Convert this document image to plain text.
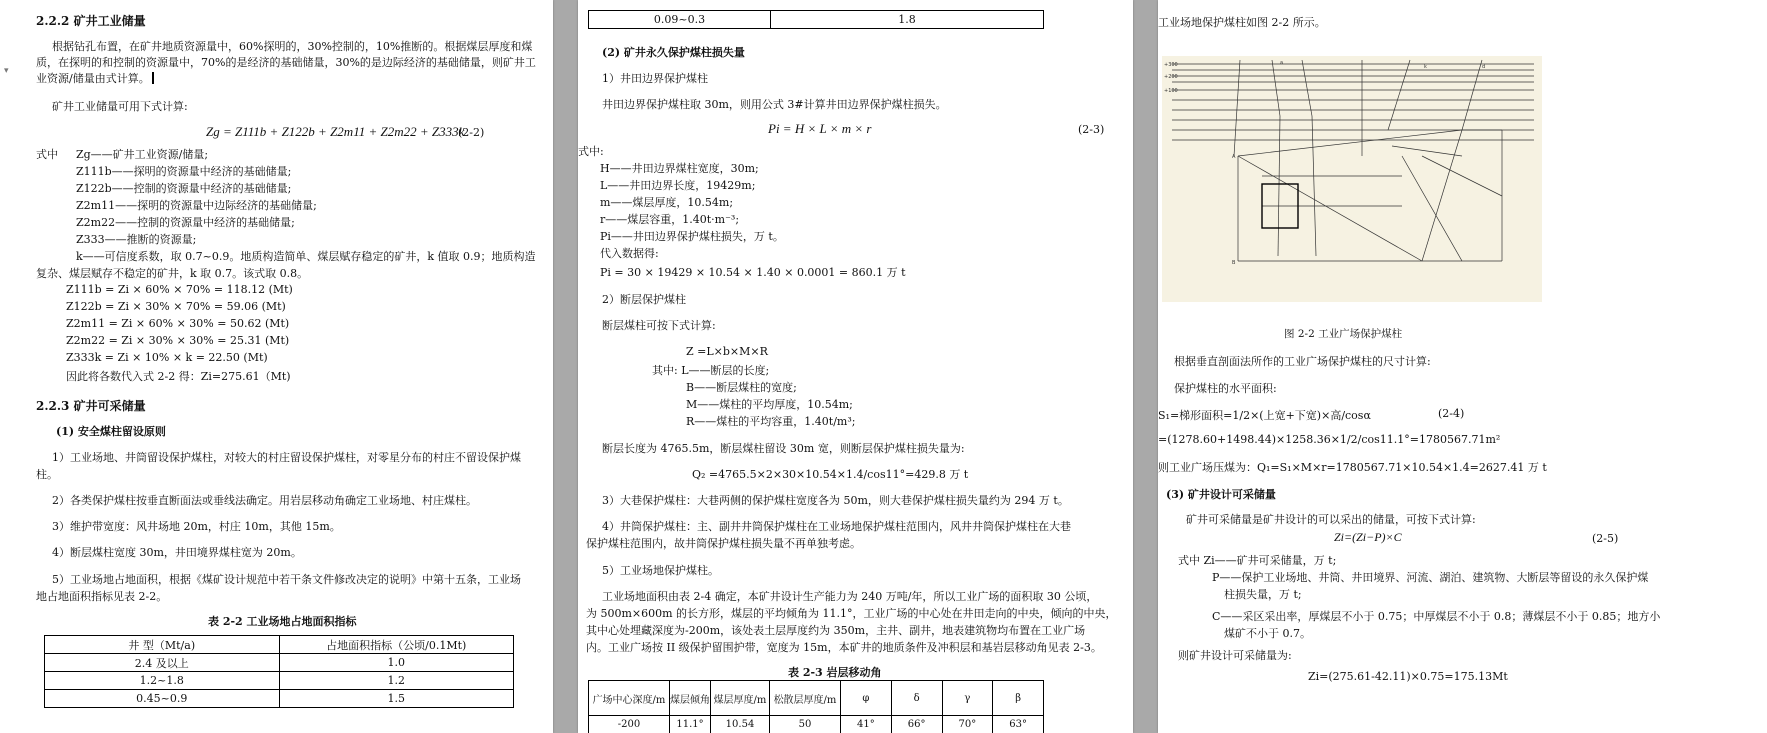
2.2.2 矿井工业储量
▾
根据钻孔布置，在矿井地质资源量中，60%探明的，30%控制的，10%推断的。根据煤层厚度和煤
质，在探明的和控制的资源量中，70%的是经济的基础储量，30%的是边际经济的基础储量，则矿井工
业资源/储量由式计算。
矿井工业储量可用下式计算:
Zg = Z111b + Z122b + Z2m11 + Z2m22 + Z333k
(2-2)
式中 Zg——矿井工业资源/储量;
Z111b——探明的资源量中经济的基础储量;
Z122b——控制的资源量中经济的基础储量;
Z2m11——探明的资源量中边际经济的基础储量;
Z2m22——控制的资源量中经济的基础储量;
Z333——推断的资源量;
k——可信度系数，取 0.7~0.9。地质构造简单、煤层赋存稳定的矿井，k 值取 0.9；地质构造
复杂、煤层赋存不稳定的矿井，k 取 0.7。该式取 0.8。
Z111b = Zi × 60% × 70% = 118.12 (Mt)
Z122b = Zi × 30% × 70% = 59.06 (Mt)
Z2m11 = Zi × 60% × 30% = 50.62 (Mt)
Z2m22 = Zi × 30% × 30% = 25.31 (Mt)
Z333k = Zi × 10% × k = 22.50 (Mt)
因此将各数代入式 2-2 得：Zi=275.61（Mt)
2.2.3 矿井可采储量
(1) 安全煤柱留设原则
1）工业场地、井筒留设保护煤柱，对较大的村庄留设保护煤柱，对零星分布的村庄不留设保护煤
柱。
2）各类保护煤柱按垂直断面法或垂线法确定。用岩层移动角确定工业场地、村庄煤柱。
3）维护带宽度：风井场地 20m，村庄 10m，其他 15m。
4）断层煤柱宽度 30m，井田境界煤柱宽为 20m。
5）工业场地占地面积，根据《煤矿设计规范中若干条文件修改决定的说明》中第十五条，工业场
地占地面积指标见表 2-2。
表 2-2 工业场地占地面积指标
井 型（Mt/a)	占地面积指标（公顷/0.1Mt)
2.4 及以上	1.0
1.2~1.8	1.2
0.45~0.9	1.5
0.09~0.3	1.8
(2) 矿井永久保护煤柱损失量
1）井田边界保护煤柱
井田边界保护煤柱取 30m，则用公式 3#计算井田边界保护煤柱损失。
Pi = H × L × m × r	(2-3)
式中:
H——井田边界煤柱宽度，30m;
L——井田边界长度，19429m;
m——煤层厚度，10.54m;
r——煤层容重，1.40t·m⁻³;
Pi——井田边界保护煤柱损失，万 t。
代入数据得:
Pi = 30 × 19429 × 10.54 × 1.40 × 0.0001 = 860.1 万 t
2）断层保护煤柱
断层煤柱可按下式计算:
Z =L×b×M×R
其中: L——断层的长度;
B——断层煤柱的宽度;
M——煤柱的平均厚度，10.54m;
R——煤柱的平均容重，1.40t/m³;
断层长度为 4765.5m，断层煤柱留设 30m 宽，则断层保护煤柱损失量为:
Q₂ =4765.5×2×30×10.54×1.4/cos11°=429.8 万 t
3）大巷保护煤柱：大巷两侧的保护煤柱宽度各为 50m，则大巷保护煤柱损失量约为 294 万 t。
4）井筒保护煤柱：主、副井井筒保护煤柱在工业场地保护煤柱范围内，风井井筒保护煤柱在大巷
保护煤柱范围内，故井筒保护煤柱损失量不再单独考虑。
5）工业场地保护煤柱。
工业场地面积由表 2-4 确定，本矿井设计生产能力为 240 万吨/年，所以工业广场的面积取 30 公顷，
为 500m×600m 的长方形，煤层的平均倾角为 11.1°，工业广场的中心处在井田走向的中央，倾向的中央，
其中心处埋藏深度为-200m，该处表土层厚度约为 350m，主井、副井，地表建筑物均布置在工业广场
内。工业广场按 II 级保护留围护带，宽度为 15m，本矿井的地质条件及冲积层和基岩层移动角见表 2-3。
表 2-3 岩层移动角
广场中心深度/m	煤层倾角	煤层厚度/m	松散层厚度/m	φ	δ	γ	β
-200	11.1°	10.54	50	41°	66°	70°	63°
工业场地保护煤柱如图 2-2 所示。
+300
+200
+100
A
B
a
k	d
图 2-2 工业广场保护煤柱
根据垂直剖面法所作的工业广场保护煤柱的尺寸计算:
保护煤柱的水平面积:
S₁=梯形面积=1/2×(上宽+下宽)×高/cosα	(2-4)
=(1278.60+1498.44)×1258.36×1/2/cos11.1°=1780567.71m²
则工业广场压煤为：Q₁=S₁×M×r=1780567.71×10.54×1.4=2627.41 万 t
(3) 矿井设计可采储量
矿井可采储量是矿井设计的可以采出的储量，可按下式计算:
Zi=(Zi−P)×C	(2-5)
式中 Zi——矿井可采储量，万 t;
P——保护工业场地、井筒、井田境界、河流、湖泊、建筑物、大断层等留设的永久保护煤
柱损失量，万 t;
C——采区采出率，厚煤层不小于 0.75；中厚煤层不小于 0.8；薄煤层不小于 0.85；地方小
煤矿不小于 0.7。
则矿井设计可采储量为:
Zi=(275.61-42.11)×0.75=175.13Mt
